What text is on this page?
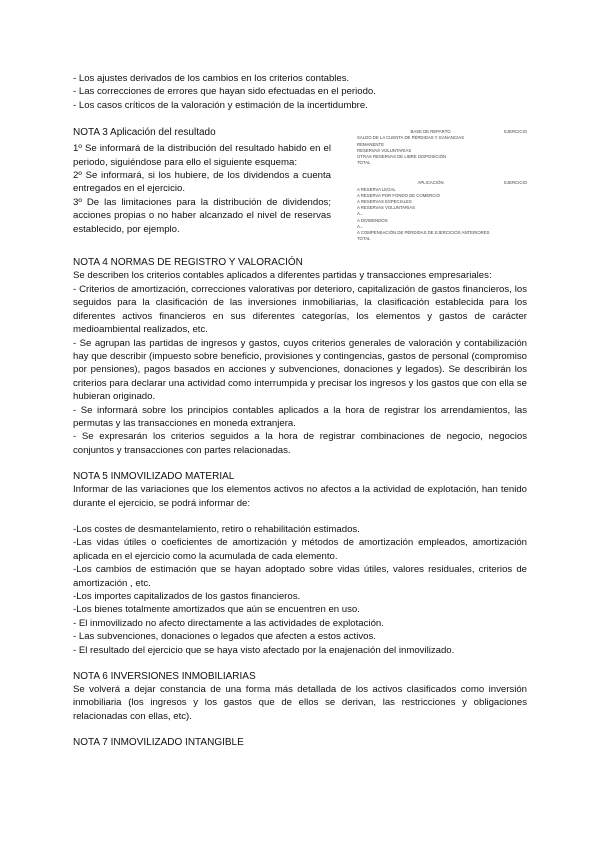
- Los ajustes derivados de los cambios en los criterios contables.

- Las correcciones de errores que hayan sido efectuadas en el periodo.

- Los casos críticos de la valoración y estimación de la incertidumbre.

NOTA 3 Aplicación del resultado

1º Se informará de la distribución del resultado habido en el periodo, siguiéndose para ello el siguiente esquema:

2º Se informará, si los hubiere, de los dividendos a cuenta entregados en el ejercicio.

3º De las limitaciones para la distribución de dividendos; acciones propias o no haber alcanzado el nivel de reservas establecido, por ejemplo.

BASE DE REPARTO	EJERCICIO
SALDO DE LA CUENTA DE PÉRDIDAS Y GANANCIAS
REMANENTE
RESERVAS VOLUNTARIAS
OTRAS RESERVAS DE LIBRE DISPOSICIÓN
TOTAL
APLICACIÓN	EJERCICIO
A RESERVA LEGAL
A RESERVA POR FONDO DE COMERCIO
A RESERVAS ESPECIALES
A RESERVAS VOLUNTARIAS
A...
A DIVIDENDOS
A...
A COMPENSACIÓN DE PÉRDIDAS DE EJERCICIOS ANTERIORES
TOTAL

NOTA 4 NORMAS DE REGISTRO Y VALORACIÓN

Se describen los criterios contables aplicados a diferentes partidas y transacciones empresariales:

- Criterios de amortización, correcciones valorativas por deterioro, capitalización de gastos financieros, los seguidos para la clasificación de las inversiones inmobiliarias, la clasificación establecida para los diferentes activos financieros en sus diferentes categorías, los elementos y gastos de carácter medioambiental realizados, etc.

- Se agrupan las partidas de ingresos y gastos, cuyos criterios generales de valoración y contabilización hay que describir (impuesto sobre beneficio, provisiones y contingencias, gastos de personal (compromiso por pensiones), pagos basados en acciones y subvenciones, donaciones y legados). Se describirán los criterios para declarar una actividad como interrumpida y precisar los ingresos y los gastos que con ella se hubieran originado.

- Se informará sobre los principios contables aplicados a la hora de registrar los arrendamientos, las permutas y las transacciones en moneda extranjera.

- Se expresarán los criterios seguidos a la hora de registrar combinaciones de negocio, negocios conjuntos y transacciones con partes relacionadas.

NOTA 5 INMOVILIZADO MATERIAL

Informar de las variaciones que los elementos activos no afectos a la actividad de explotación, han tenido durante el ejercicio, se podrá informar de:

-Los costes de desmantelamiento, retiro o rehabilitación estimados.

-Las vidas útiles o coeficientes de amortización y métodos de amortización empleados, amortización aplicada en el ejercicio como la acumulada de cada elemento.

-Los cambios de estimación que se hayan adoptado sobre vidas útiles, valores residuales, criterios de amortización , etc.

-Los importes capitalizados de los gastos financieros.

-Los bienes totalmente amortizados que aún se encuentren en uso.

- El inmovilizado no afecto directamente a las actividades de explotación.

- Las subvenciones, donaciones o legados que afecten a estos activos.

- El resultado del ejercicio que se haya visto afectado por la enajenación del inmovilizado.

NOTA 6 INVERSIONES INMOBILIARIAS

Se volverá a dejar constancia de una forma más detallada de los activos clasificados como inversión inmobiliaria (los ingresos y los gastos que de ellos se derivan, las restricciones y obligaciones relacionadas con ellas, etc).

NOTA 7 INMOVILIZADO INTANGIBLE
